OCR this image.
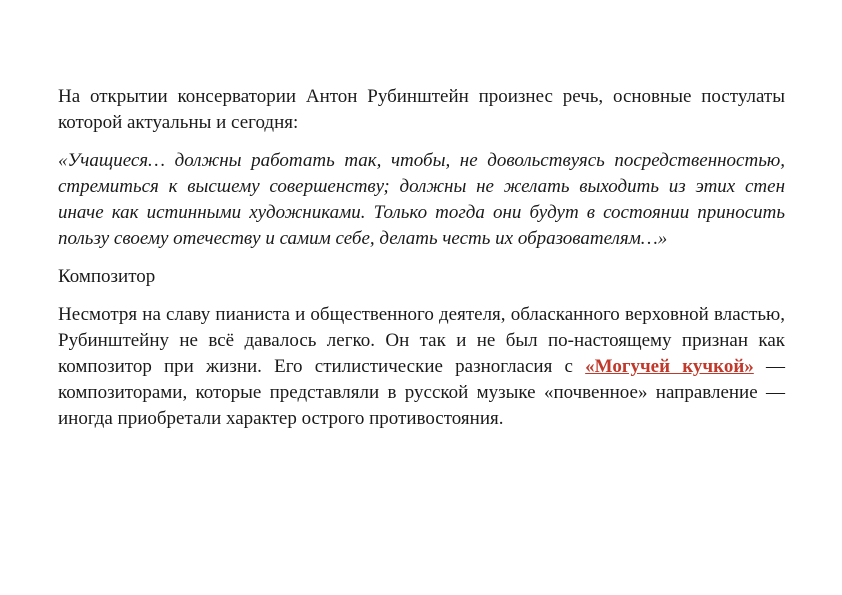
На открытии консерватории Антон Рубинштейн произнес речь, основные постулаты которой актуальны и сегодня:

«Учащиеся… должны работать так, чтобы, не довольствуясь посредственностью, стремиться к высшему совершенству; должны не желать выходить из этих стен иначе как истинными художниками. Только тогда они будут в состоянии приносить пользу своему отечеству и самим себе, делать честь их образователям…»

Композитор

Несмотря на славу пианиста и общественного деятеля, обласканного верховной властью, Рубинштейну не всё давалось легко. Он так и не был по-настоящему признан как композитор при жизни. Его стилистические разногласия с «Могучей кучкой» — композиторами, которые представляли в русской музыке «почвенное» направление — иногда приобретали характер острого противостояния.
